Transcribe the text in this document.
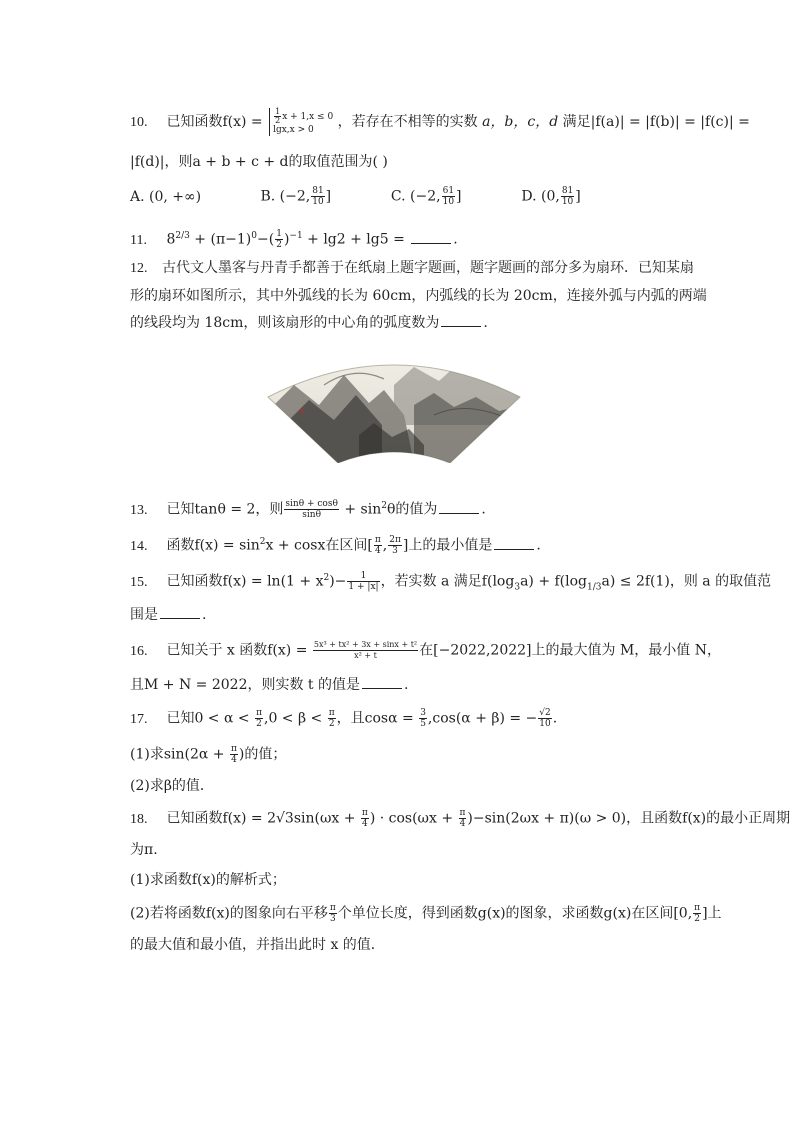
10. 已知函数$f(x) = \frac{1}{2}$ x + 1,x ≤ 0
lgx,x > 0	，若存在不相等的实数 a，b，c，d 满足|f(a)| = |f(b)| = |f(c)| =
|f(d)|，则a + b + c + d的取值范围为( )
A. (0, +∞)	B. (−2, $\frac{81}{10}$ ]	C. (−2, $\frac{61}{10}$ ]	D. (0, $\frac{81}{10}$ ]
11. $8^{2/3} + (\pi-1)^0-( \frac{1}{2} )^{-1} + \lg 2 + \lg 5$ =	.
12. 古代文人墨客与丹青手都善于在纸扇上题字题画，题字题画的部分多为扇环．已知某扇
形的扇环如图所示，其中外弧线的长为 60cm，内弧线的长为 20cm，连接外弧与内弧的两端
的线段均为 18cm，则该扇形的中心角的弧度数为	.
13. 已知tanθ = 2，则 $\frac{\sin\theta + \cos\theta}{\sin\theta} + \sin^2\theta$的值为	.
14. 函数$f(x) = \sin^2x + \cos x$在区间[ $\frac{\pi}{4}$ , $\frac{2\pi}{3}$ ]上的最小值是	.
15. 已知函数$f(x) = \ln(1 + x^2)- \frac{1}{1 + |x|}$ ，若实数 a 满足$f(\log_3a) + f(\log_{1/3}a) \le 2f(1)$，则 a 的取值范
围是	.
16. 已知关于 x 函数$f(x) = \frac{\text{5x³ + tx² + 3x + sinx + t²}}{\text{x² + t}}$ 在[−2022,2022]上的最大值为 M，最小值 N，
且M + N = 2022，则实数 t 的值是	.
17. 已知$0 < \alpha < \frac{\pi}{2} ,0 < \beta < \frac{\pi}{2}$ ，且$\cos\alpha = \frac{3}{5} ,\cos(\alpha + \beta)$ = − $\frac{√2}{10}$ .
(1)求$\sin(2\alpha + \frac{\pi}{4}$ )的值；
(2)求β的值．
18. 已知函数$f(x) = 2√3\sin(\omega x + \frac{\pi}{4}$ ) · $\cos(\omega x + \frac{\pi}{4} )-\sin(2\omega x + \pi)(\omega > 0)$，且函数f(x)的最小正周期
为π.
(1)求函数f(x)的解析式；
(2)若将函数f(x)的图象向右平移 $\frac{\pi}{3}$ 个单位长度，得到函数g(x)的图象，求函数g(x)在区间[0, $\frac{\pi}{2}$ ]上
的最大值和最小值，并指出此时 x 的值．
